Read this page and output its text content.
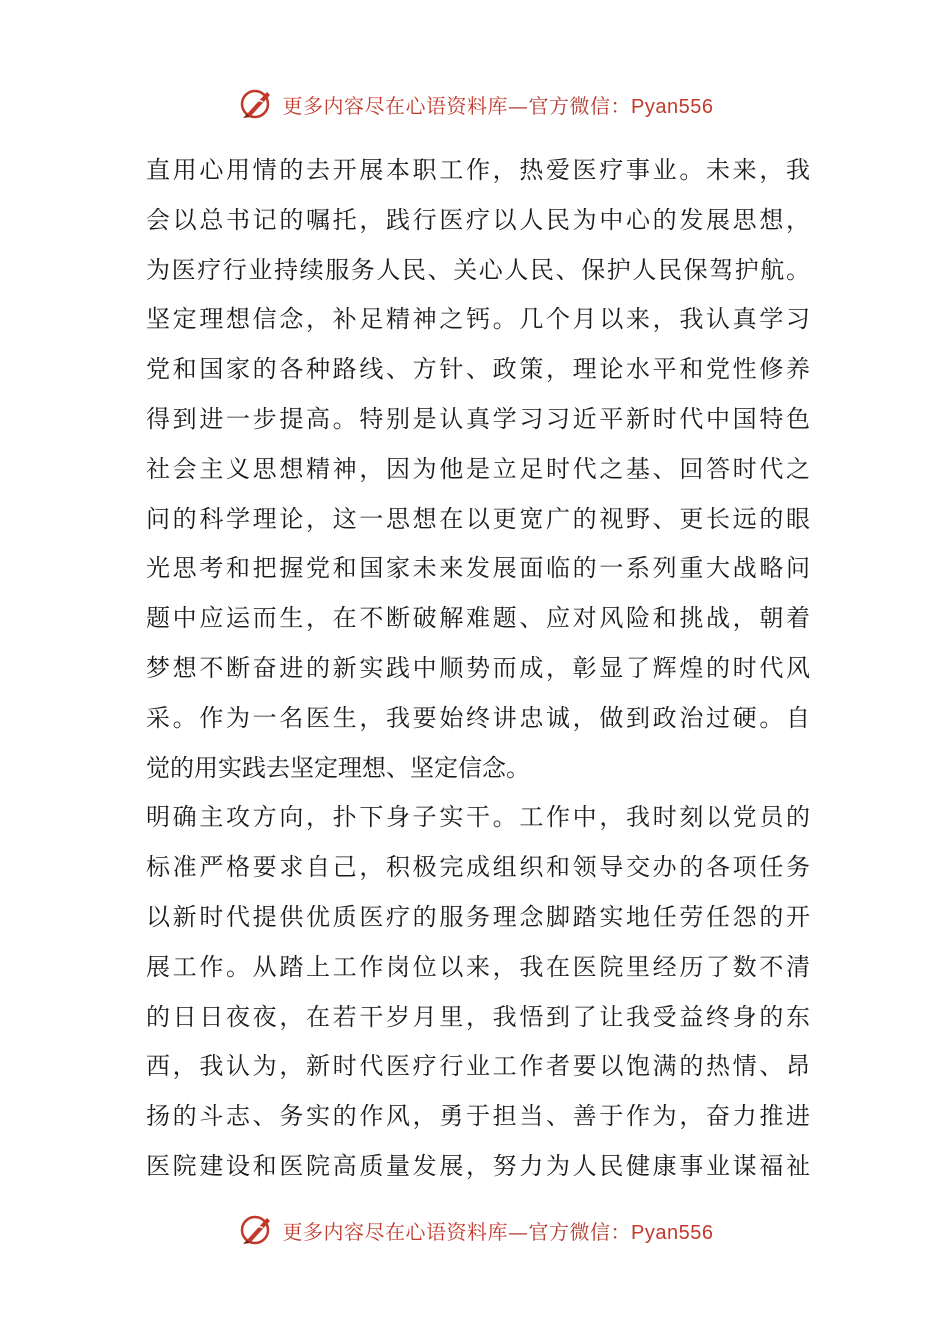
更多内容尽在心语资料库—官方微信：Pyan556
直用心用情的去开展本职工作，热爱医疗事业。未来，我
会以总书记的嘱托，践行医疗以人民为中心的发展思想，
为医疗行业持续服务人民、关心人民、保护人民保驾护航。
坚定理想信念，补足精神之钙。几个月以来，我认真学习
党和国家的各种路线、方针、政策，理论水平和党性修养
得到进一步提高。特别是认真学习习近平新时代中国特色
社会主义思想精神，因为他是立足时代之基、回答时代之
问的科学理论，这一思想在以更宽广的视野、更长远的眼
光思考和把握党和国家未来发展面临的一系列重大战略问
题中应运而生，在不断破解难题、应对风险和挑战，朝着
梦想不断奋进的新实践中顺势而成，彰显了辉煌的时代风
采。作为一名医生，我要始终讲忠诚，做到政治过硬。自
觉的用实践去坚定理想、坚定信念。
明确主攻方向，扑下身子实干。工作中，我时刻以党员的
标准严格要求自己，积极完成组织和领导交办的各项任务
以新时代提供优质医疗的服务理念脚踏实地任劳任怨的开
展工作。从踏上工作岗位以来，我在医院里经历了数不清
的日日夜夜，在若干岁月里，我悟到了让我受益终身的东
西，我认为，新时代医疗行业工作者要以饱满的热情、昂
扬的斗志、务实的作风，勇于担当、善于作为，奋力推进
医院建设和医院高质量发展，努力为人民健康事业谋福祉
更多内容尽在心语资料库—官方微信：Pyan556
